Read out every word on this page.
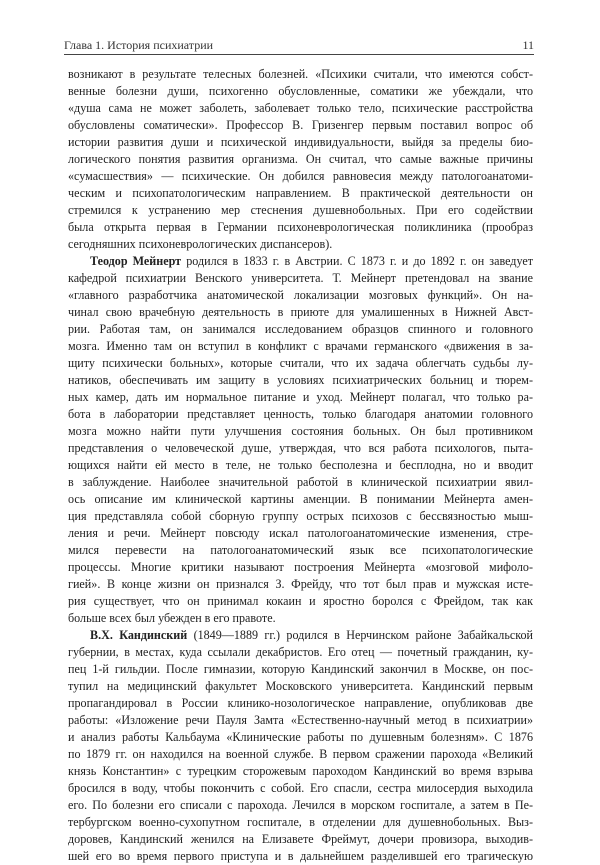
Глава 1. История психиатрии	11
возникают в результате телесных болезней. «Психики считали, что имеются собст-
венные болезни души, психогенно обусловленные, соматики же убеждали, что
«душа сама не может заболеть, заболевает только тело, психические расстройства
обусловлены соматически». Профессор В. Гризенгер первым поставил вопрос об
истории развития души и психической индивидуальности, выйдя за пределы био-
логического понятия развития организма. Он считал, что самые важные причины
«сумасшествия» — психические. Он добился равновесия между патологоанатоми-
ческим и психопатологическим направлением. В практической деятельности он
стремился к устранению мер стеснения душевнобольных. При его содействии
была открыта первая в Германии психоневрологическая поликлиника (прообраз
сегодняшних психоневрологических диспансеров).
Теодор Мейнерт родился в 1833 г. в Австрии. С 1873 г. и до 1892 г. он заведует
кафедрой психиатрии Венского университета. Т. Мейнерт претендовал на звание
«главного разработчика анатомической локализации мозговых функций». Он на-
чинал свою врачебную деятельность в приюте для умалишенных в Нижней Авст-
рии. Работая там, он занимался исследованием образцов спинного и головного
мозга. Именно там он вступил в конфликт с врачами германского «движения в за-
щиту психически больных», которые считали, что их задача облегчать судьбы лу-
натиков, обеспечивать им защиту в условиях психиатрических больниц и тюрем-
ных камер, дать им нормальное питание и уход. Мейнерт полагал, что только ра-
бота в лаборатории представляет ценность, только благодаря анатомии головного
мозга можно найти пути улучшения состояния больных. Он был противником
представления о человеческой душе, утверждая, что вся работа психологов, пыта-
ющихся найти ей место в теле, не только бесполезна и бесплодна, но и вводит
в заблуждение. Наиболее значительной работой в клинической психиатрии явил-
ось описание им клинической картины аменции. В понимании Мейнерта амен-
ция представляла собой сборную группу острых психозов с бессвязностью мыш-
ления и речи. Мейнерт повсюду искал патологоанатомические изменения, стре-
мился перевести на патологоанатомический язык все психопатологические
процессы. Многие критики называют построения Мейнерта «мозговой мифоло-
гией». В конце жизни он признался З. Фрейду, что тот был прав и мужская исте-
рия существует, что он принимал кокаин и яростно боролся с Фрейдом, так как
больше всех был убежден в его правоте.
В.Х. Кандинский (1849—1889 гг.) родился в Нерчинском районе Забайкальской
губернии, в местах, куда ссылали декабристов. Его отец — почетный гражданин, ку-
пец 1-й гильдии. После гимназии, которую Кандинский закончил в Москве, он пос-
тупил на медицинский факультет Московского университета. Кандинский первым
пропагандировал в России клинико-нозологическое направление, опубликовав две
работы: «Изложение речи Пауля Замта «Естественно-научный метод в психиатрии»
и анализ работы Кальбаума «Клинические работы по душевным болезням». С 1876
по 1879 гг. он находился на военной службе. В первом сражении парохода «Великий
князь Константин» с турецким сторожевым пароходом Кандинский во время взрыва
бросился в воду, чтобы покончить с собой. Его спасли, сестра милосердия выходила
его. По болезни его списали с парохода. Лечился в морском госпитале, а затем в Пе-
тербургском военно-сухопутном госпитале, в отделении для душевнобольных. Выз-
доровев, Кандинский женился на Елизавете Фреймут, дочери провизора, выходив-
шей его во время первого приступа и в дальнейшем разделившей его трагическую
